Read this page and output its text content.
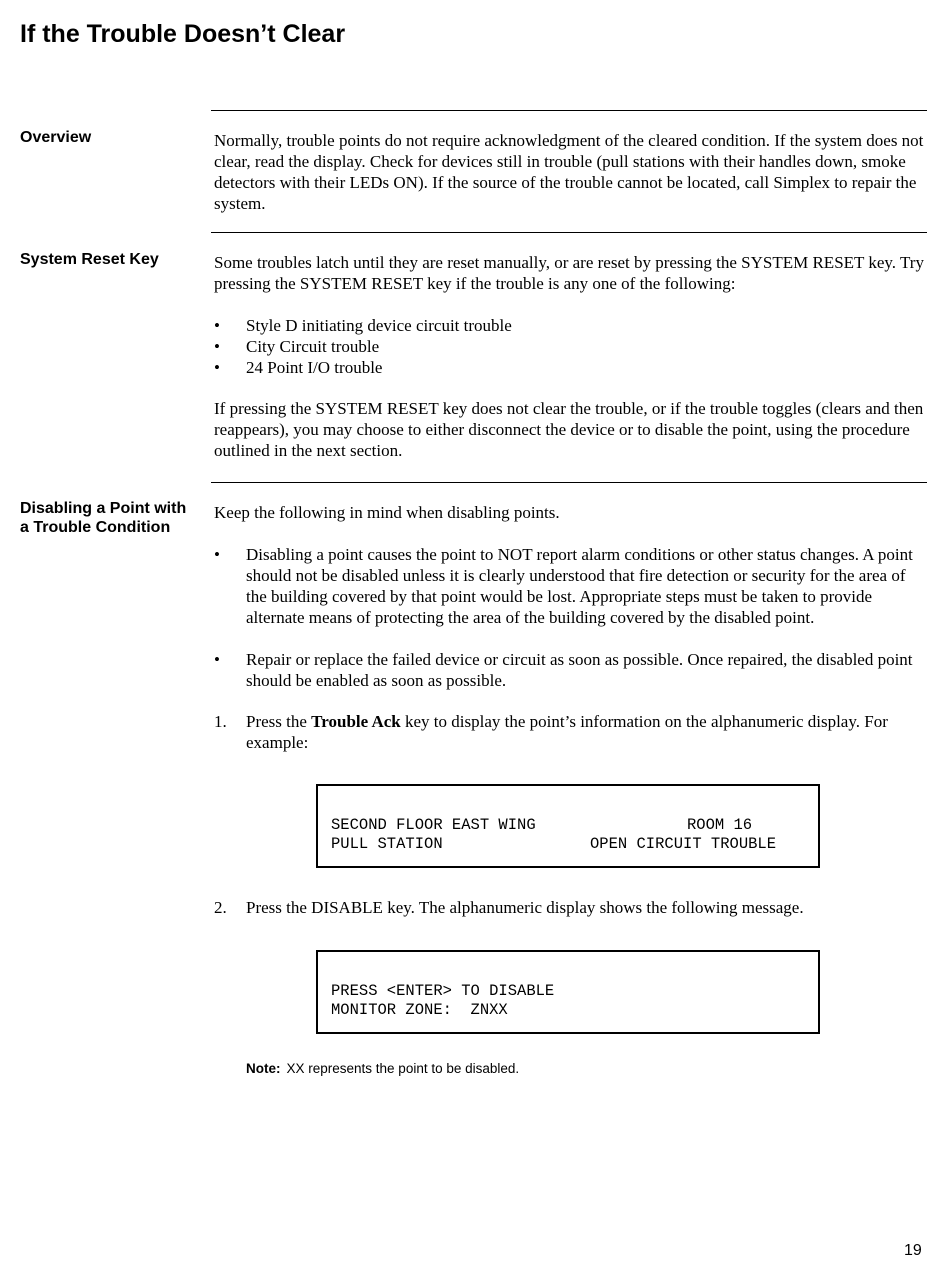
If the Trouble Doesn’t Clear
Overview	Normally, trouble points do not require acknowledgment of the cleared condition. If the system does not clear, read the display. Check for devices still in trouble (pull stations with their handles down, smoke detectors with their LEDs ON). If the source of the trouble cannot be located, call Simplex to repair the system.

System Reset Key	Some troubles latch until they are reset manually, or are reset by pressing the SYSTEM RESET key. Try pressing the SYSTEM RESET key if the trouble is any one of the following:

• Style D initiating device circuit trouble
• City Circuit trouble
• 24 Point I/O trouble

If pressing the SYSTEM RESET key does not clear the trouble, or if the trouble toggles (clears and then reappears), you may choose to either disconnect the device or to disable the point, using the procedure outlined in the next section.

Disabling a Point with a Trouble Condition

Keep the following in mind when disabling points.

• Disabling a point causes the point to NOT report alarm conditions or other status changes. A point should not be disabled unless it is clearly understood that fire detection or security for the area of the building covered by that point would be lost. Appropriate steps must be taken to provide alternate means of protecting the area of the building covered by the disabled point.
• Repair or replace the failed device or circuit as soon as possible. Once repaired, the disabled point should be enabled as soon as possible.
1. Press the Trouble Ack key to display the point’s information on the alphanumeric display. For example:
SECOND FLOOR EAST WING	ROOM 16
PULL STATION	OPEN CIRCUIT TROUBLE
2. Press the DISABLE key. The alphanumeric display shows the following message.
PRESS <ENTER> TO DISABLE
MONITOR ZONE:  ZNXX
Note: XX represents the point to be disabled.
19
